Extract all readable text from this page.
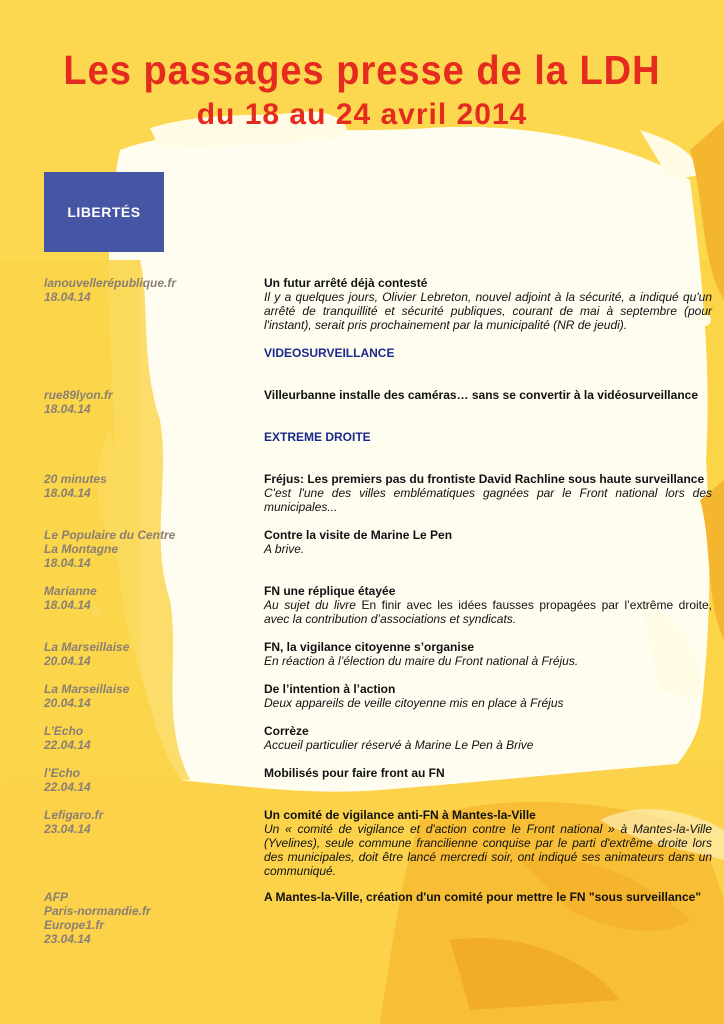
Les passages presse de la LDH
du 18 au 24 avril 2014
LIBERTÉS
lanouvellerépublique.fr
18.04.14
Un futur arrêté déjà contesté
Il y a quelques jours, Olivier Lebreton, nouvel adjoint à la sécurité, a indiqué qu'un arrêté de tranquillité et sécurité publiques, courant de mai à septembre (pour l'instant), serait pris prochainement par la municipalité (NR de jeudi).
VIDEOSURVEILLANCE
rue89lyon.fr
18.04.14
Villeurbanne installe des caméras… sans se convertir à la vidéosurveillance
EXTREME DROITE
20 minutes
18.04.14
Fréjus: Les premiers pas du frontiste David Rachline sous haute surveillance
C'est l'une des villes emblématiques gagnées par le Front national lors des municipales...
Le Populaire du Centre
La Montagne
18.04.14
Contre la visite de Marine Le Pen
A brive.
Marianne
18.04.14
FN une réplique étayée
Au sujet du livre En finir avec les idées fausses propagées par l’extrême droite, avec la contribution d’associations et syndicats.
La Marseillaise
20.04.14
FN, la vigilance citoyenne s’organise
En réaction à l’élection du maire du Front national à Fréjus.
La Marseillaise
20.04.14
De l’intention à l’action
Deux appareils de veille citoyenne mis en place à Fréjus
L’Echo
22.04.14
Corrèze
Accueil particulier réservé à Marine Le Pen à Brive
l’Echo
22.04.14
Mobilisés pour faire front au FN
Lefigaro.fr
23.04.14
Un comité de vigilance anti-FN à Mantes-la-Ville
Un « comité de vigilance et d'action contre le Front national » à Mantes-la-Ville (Yvelines), seule commune francilienne conquise par le parti d'extrême droite lors des municipales, doit être lancé mercredi soir, ont indiqué ses animateurs dans un communiqué.
AFP
Paris-normandie.fr
Europe1.fr
23.04.14
A Mantes-la-Ville, création d'un comité pour mettre le FN "sous surveillance"
